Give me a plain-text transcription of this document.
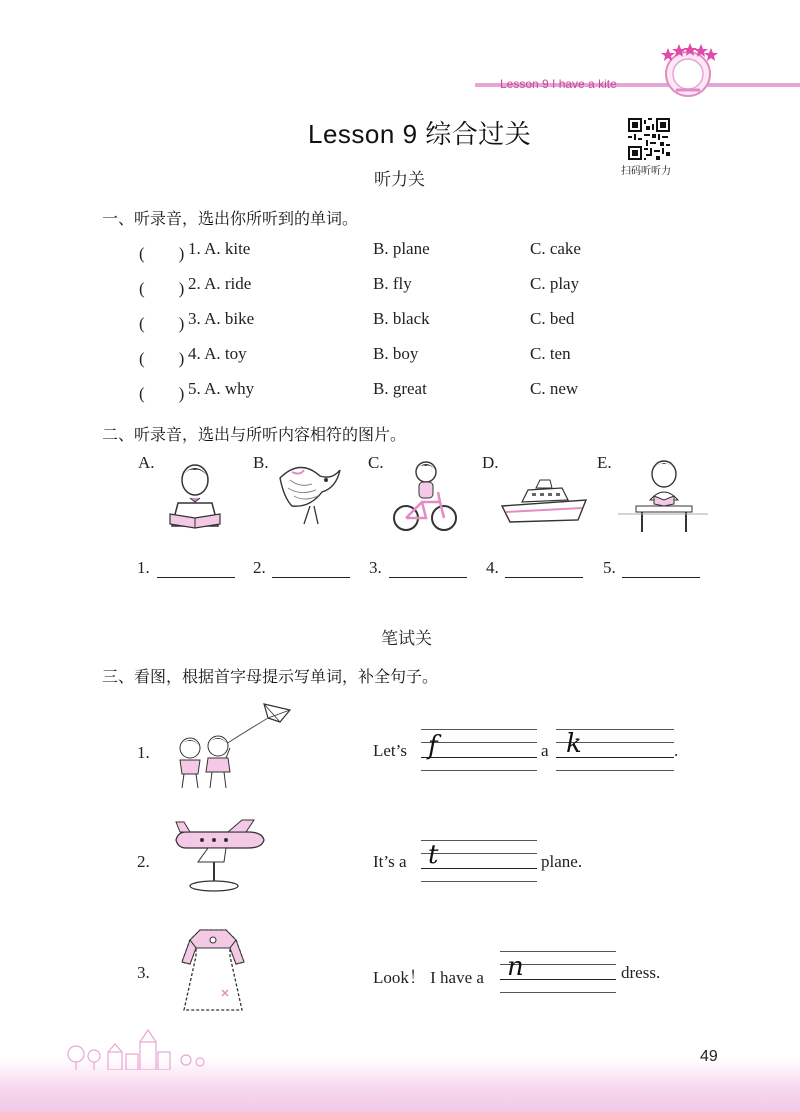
Lesson 9 I have a kite
Lesson 9 综合过关
扫码听听力
听力关
一、听录音，选出你所听到的单词。
(　　) 1. A. kite	B. plane	C. cake
(　　) 2. A. ride	B. fly	C. play
(　　) 3. A. bike	B. black	C. bed
(　　) 4. A. toy	B. boy	C. ten
(　　) 5. A. why	B. great	C. new
二、听录音，选出与所听内容相符的图片。
A.	B.	C.	D.	E.
1.	2.	3.	4.	5.
笔试关
三、看图，根据首字母提示写单词，补全句子。
1.	Let’s f	a k	.
2.	It’s a t	plane.
3.	Look！ I have a n	dress.
49
